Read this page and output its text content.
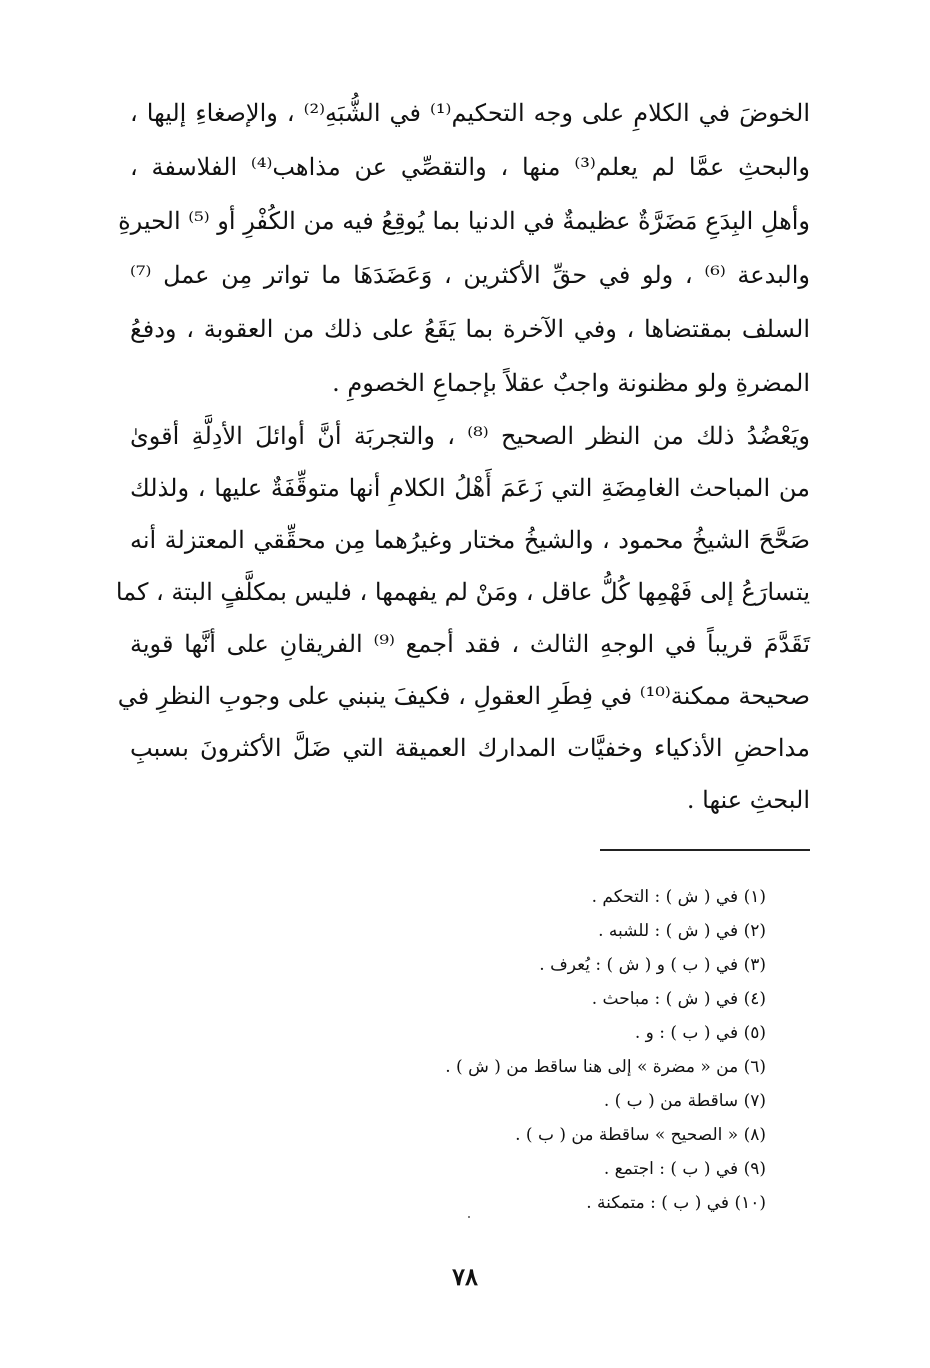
الخوضَ في الكلامِ على وجه التحكيم⁽¹⁾ في الشُّبَهِ⁽²⁾ ، والإصغاءِ إليها ،
والبحثِ عمَّا لم يعلم⁽³⁾ منها ، والتقصِّي عن مذاهب⁽⁴⁾ الفلاسفة ،
وأهلِ البِدَعِ مَضَرَّةٌ عظيمةٌ في الدنيا بما يُوقِعُ فيه من الكُفْرِ أو ⁽⁵⁾ الحيرةِ
والبدعة ⁽⁶⁾ ، ولو في حقِّ الأكثرين ، وَعَضَدَهَا ما تواتر مِن عمل ⁽⁷⁾
السلف بمقتضاها ، وفي الآخرة بما يَقَعُ على ذلك من العقوبة ، ودفعُ
المضرةِ ولو مظنونة واجبٌ عقلاً بإجماعِ الخصومِ .
ويَعْضُدُ ذلك من النظر الصحيح ⁽⁸⁾ ، والتجربَة أنَّ أوائلَ الأدِلَّةِ أقوىٰ
من المباحث الغامِضَةِ التي زَعَمَ أَهْلُ الكلامِ أنها متوقِّفَةٌ عليها ، ولذلك
صَحَّحَ الشيخُ محمود ، والشيخُ مختار وغيرُهما مِن محقِّقي المعتزلة أنه
يتسارَعُ إلى فَهْمِها كُلُّ عاقل ، ومَنْ لم يفهمها ، فليس بمكلَّفٍ البتة ، كما
تَقَدَّمَ قريباً في الوجهِ الثالث ، فقد أجمع ⁽⁹⁾ الفريقانِ على أنَّها قوية
صحيحة ممكنة⁽¹⁰⁾ في فِطَرِ العقولِ ، فكيفَ ينبني على وجوبِ النظرِ في
مداحضِ الأذكياء وخفيَّات المدارك العميقة التي ضَلَّ الأكثرونَ بسببِ
البحثِ عنها .
(١) في ( ش ) : التحكم .
(٢) في ( ش ) : للشبه .
(٣) في ( ب ) و ( ش ) : يُعرف .
(٤) في ( ش ) : مباحث .
(٥) في ( ب ) : و .
(٦) من « مضرة » إلى هنا ساقط من ( ش ) .
(٧) ساقطة من ( ب ) .
(٨) « الصحيح » ساقطة من ( ب ) .
(٩) في ( ب ) : اجتمع .
(١٠) في ( ب ) : متمكنة .
٧٨
